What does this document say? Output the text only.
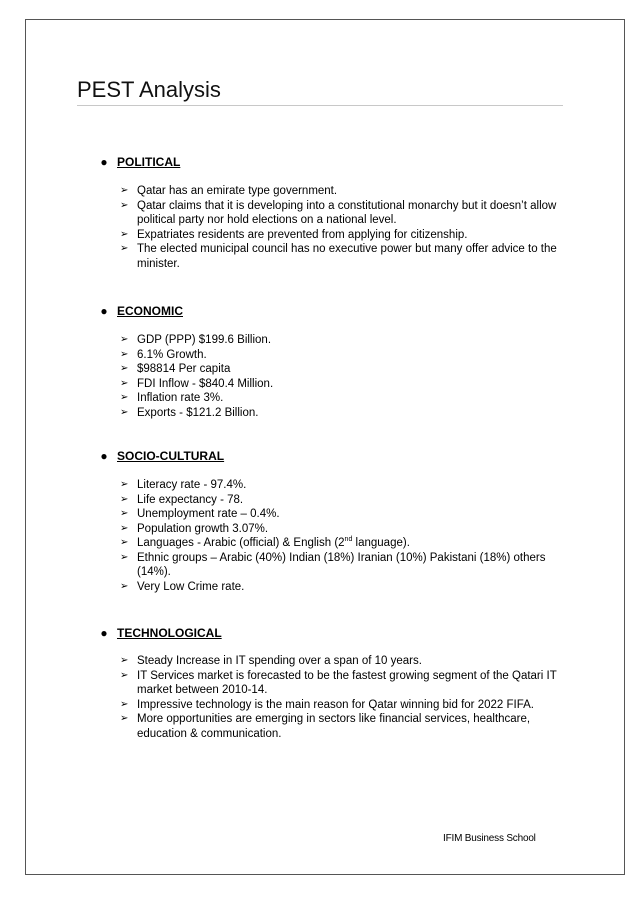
PEST Analysis
● POLITICAL
➢ Qatar has an emirate type government.
➢ Qatar claims that it is developing into a constitutional monarchy but it doesn’t allow political party nor hold elections on a national level.
➢ Expatriates residents are prevented from applying for citizenship.
➢ The elected municipal council has no executive power but many offer advice to the minister.
● ECONOMIC
➢ GDP (PPP) $199.6 Billion.
➢ 6.1% Growth.
➢ $98814 Per capita
➢ FDI Inflow - $840.4 Million.
➢ Inflation rate 3%.
➢ Exports - $121.2 Billion.
● SOCIO-CULTURAL
➢ Literacy rate - 97.4%.
➢ Life expectancy - 78.
➢ Unemployment rate – 0.4%.
➢ Population growth 3.07%.
➢ Languages - Arabic (official) & English (2nd language).
➢ Ethnic groups – Arabic (40%) Indian (18%) Iranian (10%) Pakistani (18%) others (14%).
➢ Very Low Crime rate.
● TECHNOLOGICAL
➢ Steady Increase in IT spending over a span of 10 years.
➢ IT Services market is forecasted to be the fastest growing segment of the Qatari IT market between 2010-14.
➢ Impressive technology is the main reason for Qatar winning bid for 2022 FIFA.
➢ More opportunities are emerging in sectors like financial services, healthcare, education & communication.
IFIM Business School
